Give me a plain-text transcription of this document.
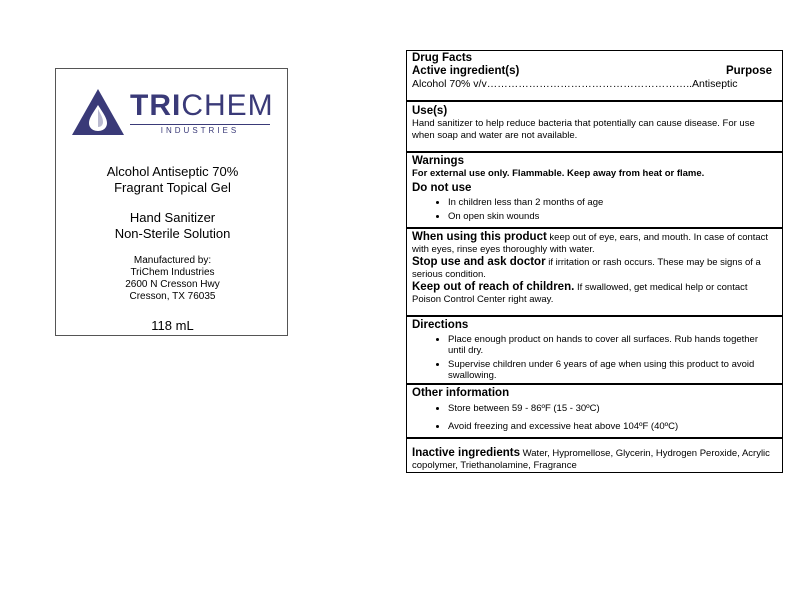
TRICHEM
INDUSTRIES
Alcohol Antiseptic 70%
Fragrant Topical Gel
Hand Sanitizer
Non-Sterile Solution
Manufactured by:
TriChem Industries
2600 N Cresson Hwy
Cresson, TX 76035
118 mL
Drug Facts
Active ingredient(s)	Purpose
Alcohol 70% v/v…………………………………………………..Antiseptic
Use(s)
Hand sanitizer to help reduce bacteria that potentially can cause disease. For use when soap and water are not available.
Warnings
For external use only. Flammable. Keep away from heat or flame.
Do not use
• In children less than 2 months of age
• On open skin wounds
When using this product keep out of eye, ears, and mouth. In case of contact with eyes, rinse eyes thoroughly with water.
Stop use and ask doctor if irritation or rash occurs. These may be signs of a serious condition.
Keep out of reach of children. If swallowed, get medical help or contact Poison Control Center right away.
Directions
• Place enough product on hands to cover all surfaces. Rub hands together until dry.
• Supervise children under 6 years of age when using this product to avoid swallowing.
Other information
• Store between 59 - 86ºF (15 - 30ºC)
• Avoid freezing and excessive heat above 104ºF (40ºC)
Inactive ingredients Water, Hypromellose, Glycerin, Hydrogen Peroxide, Acrylic copolymer, Triethanolamine, Fragrance
